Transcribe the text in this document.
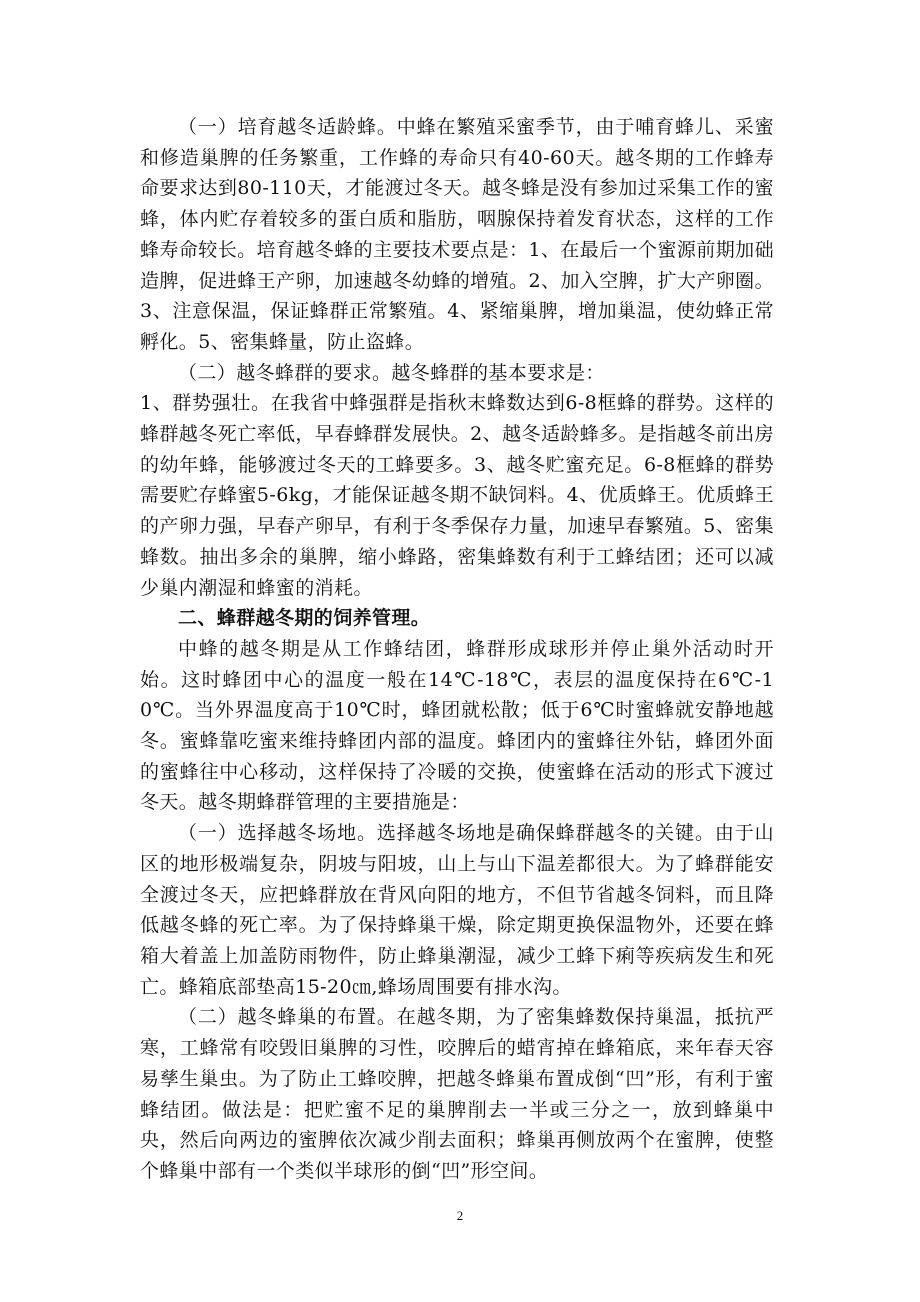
（一）培育越冬适龄蜂。中蜂在繁殖采蜜季节，由于哺育蜂儿、采蜜和修造巢脾的任务繁重，工作蜂的寿命只有40-60天。越冬期的工作蜂寿命要求达到80-110天，才能渡过冬天。越冬蜂是没有参加过采集工作的蜜蜂，体内贮存着较多的蛋白质和脂肪，咽腺保持着发育状态，这样的工作蜂寿命较长。培育越冬蜂的主要技术要点是：1、在最后一个蜜源前期加础造脾，促进蜂王产卵，加速越冬幼蜂的增殖。2、加入空脾，扩大产卵圈。3、注意保温，保证蜂群正常繁殖。4、紧缩巢脾，增加巢温，使幼蜂正常孵化。5、密集蜂量，防止盗蜂。

（二）越冬蜂群的要求。越冬蜂群的基本要求是：

1、群势强壮。在我省中蜂强群是指秋末蜂数达到6-8框蜂的群势。这样的蜂群越冬死亡率低，早春蜂群发展快。2、越冬适龄蜂多。是指越冬前出房的幼年蜂，能够渡过冬天的工蜂要多。3、越冬贮蜜充足。6-8框蜂的群势需要贮存蜂蜜5-6kg，才能保证越冬期不缺饲料。4、优质蜂王。优质蜂王的产卵力强，早春产卵早，有利于冬季保存力量，加速早春繁殖。5、密集蜂数。抽出多余的巢脾，缩小蜂路，密集蜂数有利于工蜂结团；还可以减少巢内潮湿和蜂蜜的消耗。

二、蜂群越冬期的饲养管理。

中蜂的越冬期是从工作蜂结团，蜂群形成球形并停止巢外活动时开始。这时蜂团中心的温度一般在14℃-18℃，表层的温度保持在6℃-10℃。当外界温度高于10℃时，蜂团就松散；低于6℃时蜜蜂就安静地越冬。蜜蜂靠吃蜜来维持蜂团内部的温度。蜂团内的蜜蜂往外钻，蜂团外面的蜜蜂往中心移动，这样保持了冷暖的交换，使蜜蜂在活动的形式下渡过冬天。越冬期蜂群管理的主要措施是：

（一）选择越冬场地。选择越冬场地是确保蜂群越冬的关键。由于山区的地形极端复杂，阴坡与阳坡，山上与山下温差都很大。为了蜂群能安全渡过冬天，应把蜂群放在背风向阳的地方，不但节省越冬饲料，而且降低越冬蜂的死亡率。为了保持蜂巢干燥，除定期更换保温物外，还要在蜂箱大着盖上加盖防雨物件，防止蜂巢潮湿，减少工蜂下痢等疾病发生和死亡。蜂箱底部垫高15-20㎝,蜂场周围要有排水沟。

（二）越冬蜂巢的布置。在越冬期，为了密集蜂数保持巢温，抵抗严寒，工蜂常有咬毁旧巢脾的习性，咬脾后的蜡宵掉在蜂箱底，来年春天容易孳生巢虫。为了防止工蜂咬脾，把越冬蜂巢布置成倒“凹”形，有利于蜜蜂结团。做法是：把贮蜜不足的巢脾削去一半或三分之一，放到蜂巢中央，然后向两边的蜜脾依次减少削去面积；蜂巢再侧放两个在蜜脾，使整个蜂巢中部有一个类似半球形的倒“凹”形空间。

2
